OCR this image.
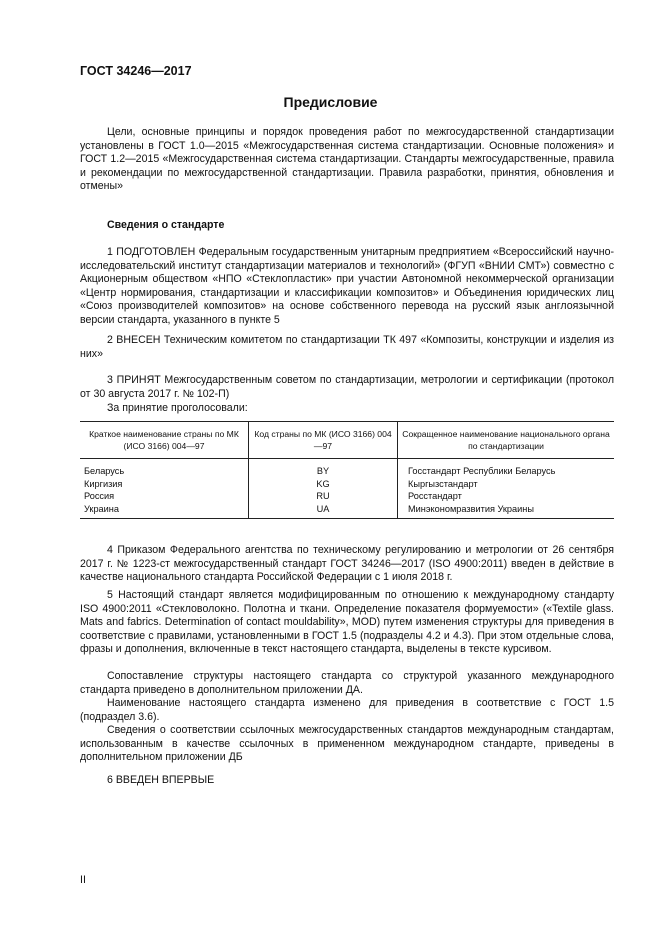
ГОСТ 34246—2017
Предисловие

Цели, основные принципы и порядок проведения работ по межгосударственной стандартизации установлены в ГОСТ 1.0—2015 «Межгосударственная система стандартизации. Основные положения» и ГОСТ 1.2—2015 «Межгосударственная система стандартизации. Стандарты межгосударственные, правила и рекомендации по межгосударственной стандартизации. Правила разработки, принятия, обновления и отмены»

Сведения о стандарте

1 ПОДГОТОВЛЕН Федеральным государственным унитарным предприятием «Всероссийский научно-исследовательский институт стандартизации материалов и технологий» (ФГУП «ВНИИ СМТ») совместно с Акционерным обществом «НПО «Стеклопластик» при участии Автономной некоммерческой организации «Центр нормирования, стандартизации и классификации композитов» и Объединения юридических лиц «Союз производителей композитов» на основе собственного перевода на русский язык англоязычной версии стандарта, указанного в пункте 5

2 ВНЕСЕН Техническим комитетом по стандартизации ТК 497 «Композиты, конструкции и изделия из них»

3 ПРИНЯТ Межгосударственным советом по стандартизации, метрологии и сертификации (протокол от 30 августа 2017 г. № 102-П)

За принятие проголосовали:
Краткое наименование страны по МК (ИСО 3166) 004—97	Код страны по МК (ИСО 3166) 004—97	Сокращенное наименование национального органа по стандартизации
Беларусь	BY	Госстандарт Республики Беларусь
Киргизия	KG	Кыргызстандарт
Россия	RU	Росстандарт
Украина	UA	Минэкономразвития Украины

4 Приказом Федерального агентства по техническому регулированию и метрологии от 26 сентября 2017 г. № 1223-ст межгосударственный стандарт ГОСТ 34246—2017 (ISO 4900:2011) введен в действие в качестве национального стандарта Российской Федерации с 1 июля 2018 г.

5 Настоящий стандарт является модифицированным по отношению к международному стандарту ISO 4900:2011 «Стекловолокно. Полотна и ткани. Определение показателя формуемости» («Textile glass. Mats and fabrics. Determination of contact mouldability», MOD) путем изменения структуры для приведения в соответствие с правилами, установленными в ГОСТ 1.5 (подразделы 4.2 и 4.3). При этом отдельные слова, фразы и дополнения, включенные в текст настоящего стандарта, выделены в тексте курсивом.

Сопоставление структуры настоящего стандарта со структурой указанного международного стандарта приведено в дополнительном приложении ДА.

Наименование настоящего стандарта изменено для приведения в соответствие с ГОСТ 1.5 (подраздел 3.6).

Сведения о соответствии ссылочных межгосударственных стандартов международным стандартам, использованным в качестве ссылочных в примененном международном стандарте, приведены в дополнительном приложении ДБ

6 ВВЕДЕН ВПЕРВЫЕ
II
